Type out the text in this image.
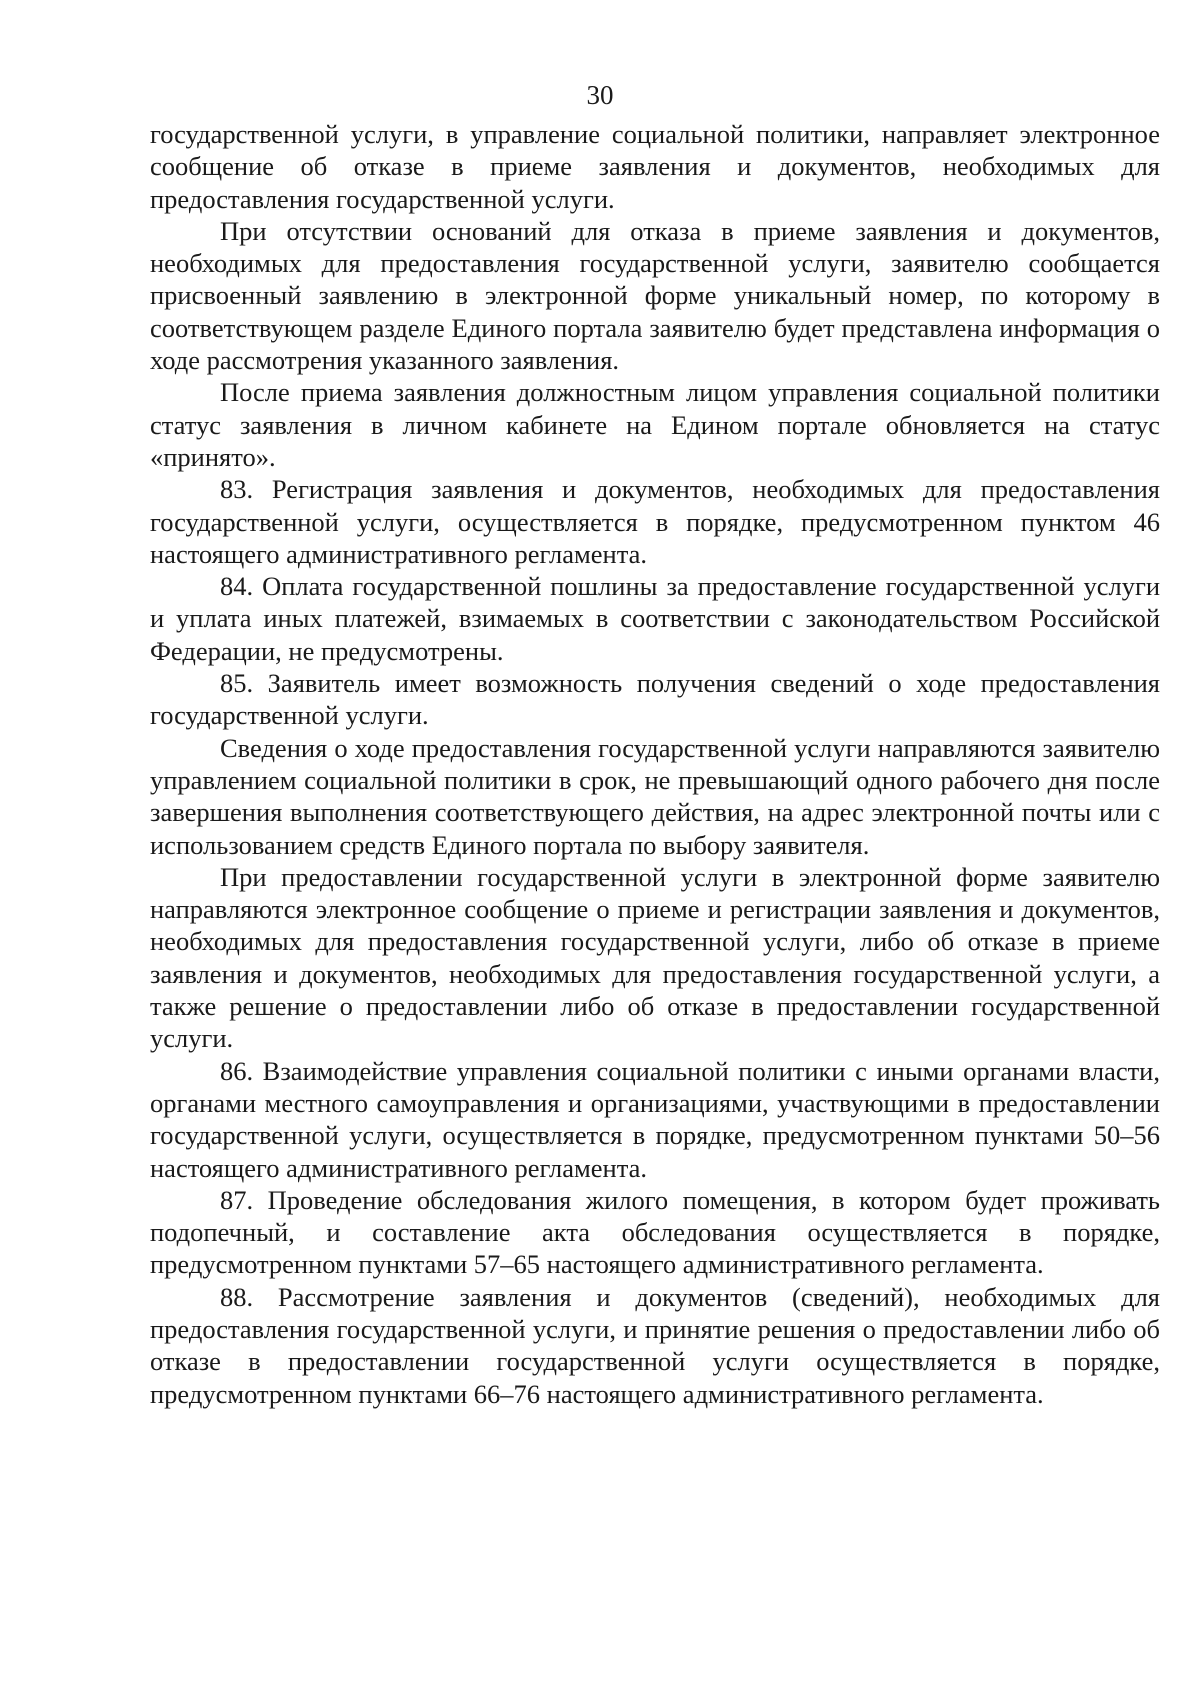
30

государственной услуги, в управление социальной политики, направляет электронное сообщение об отказе в приеме заявления и документов, необходимых для предоставления государственной услуги.

При отсутствии оснований для отказа в приеме заявления и документов, необходимых для предоставления государственной услуги, заявителю сообщается присвоенный заявлению в электронной форме уникальный номер, по которому в соответствующем разделе Единого портала заявителю будет представлена информация о ходе рассмотрения указанного заявления.

После приема заявления должностным лицом управления социальной политики статус заявления в личном кабинете на Едином портале обновляется на статус «принято».

83. Регистрация заявления и документов, необходимых для предоставления государственной услуги, осуществляется в порядке, предусмотренном пунктом 46 настоящего административного регламента.

84. Оплата государственной пошлины за предоставление государственной услуги и уплата иных платежей, взимаемых в соответствии с законодательством Российской Федерации, не предусмотрены.

85. Заявитель имеет возможность получения сведений о ходе предоставления государственной услуги.

Сведения о ходе предоставления государственной услуги направляются заявителю управлением социальной политики в срок, не превышающий одного рабочего дня после завершения выполнения соответствующего действия, на адрес электронной почты или с использованием средств Единого портала по выбору заявителя.

При предоставлении государственной услуги в электронной форме заявителю направляются электронное сообщение о приеме и регистрации заявления и документов, необходимых для предоставления государственной услуги, либо об отказе в приеме заявления и документов, необходимых для предоставления государственной услуги, а также решение о предоставлении либо об отказе в предоставлении государственной услуги.

86. Взаимодействие управления социальной политики с иными органами власти, органами местного самоуправления и организациями, участвующими в предоставлении государственной услуги, осуществляется в порядке, предусмотренном пунктами 50–56 настоящего административного регламента.

87. Проведение обследования жилого помещения, в котором будет проживать подопечный, и составление акта обследования осуществляется в порядке, предусмотренном пунктами 57–65 настоящего административного регламента.

88. Рассмотрение заявления и документов (сведений), необходимых для предоставления государственной услуги, и принятие решения о предоставлении либо об отказе в предоставлении государственной услуги осуществляется в порядке, предусмотренном пунктами 66–76 настоящего административного регламента.
